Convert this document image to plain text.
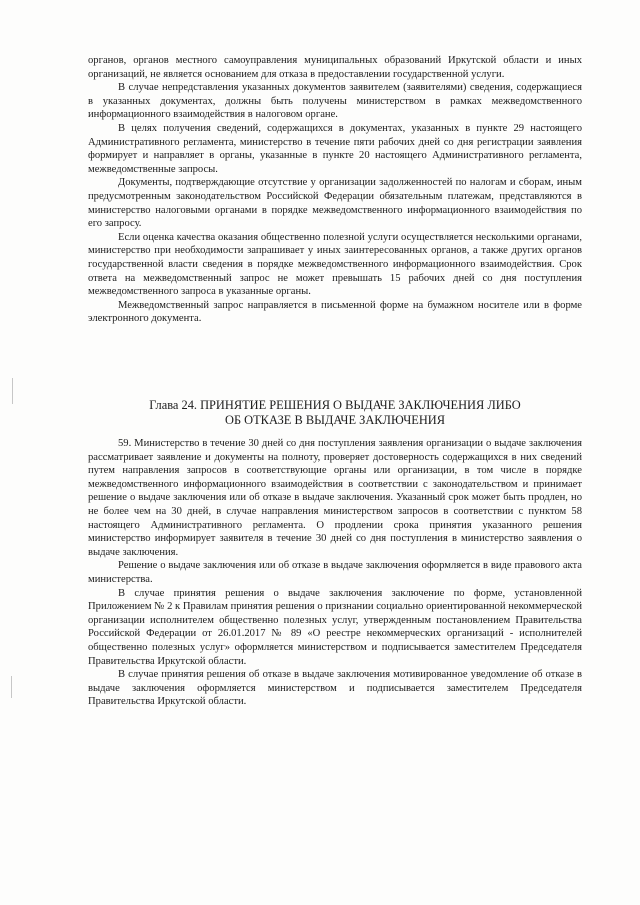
органов, органов местного самоуправления муниципальных образований Иркутской области и иных организаций, не является основанием для отказа в предоставлении государственной услуги.

В случае непредставления указанных документов заявителем (заявителями) сведения, содержащиеся в указанных документах, должны быть получены министерством в рамках межведомственного информационного взаимодействия в налоговом органе.

В целях получения сведений, содержащихся в документах, указанных в пункте 29 настоящего Административного регламента, министерство в течение пяти рабочих дней со дня регистрации заявления формирует и направляет в органы, указанные в пункте 20 настоящего Административного регламента, межведомственные запросы.

Документы, подтверждающие отсутствие у организации задолженностей по налогам и сборам, иным предусмотренным законодательством Российской Федерации обязательным платежам, представляются в министерство налоговыми органами в порядке межведомственного информационного взаимодействия по его запросу.

Если оценка качества оказания общественно полезной услуги осуществляется несколькими органами, министерство при необходимости запрашивает у иных заинтересованных органов, а также других органов государственной власти сведения в порядке межведомственного информационного взаимодействия. Срок ответа на межведомственный запрос не может превышать 15 рабочих дней со дня поступления межведомственного запроса в указанные органы.

Межведомственный запрос направляется в письменной форме на бумажном носителе или в форме электронного документа.

Глава 24. ПРИНЯТИЕ РЕШЕНИЯ О ВЫДАЧЕ ЗАКЛЮЧЕНИЯ ЛИБО
ОБ ОТКАЗЕ В ВЫДАЧЕ ЗАКЛЮЧЕНИЯ

59. Министерство в течение 30 дней со дня поступления заявления организации о выдаче заключения рассматривает заявление и документы на полноту, проверяет достоверность содержащихся в них сведений путем направления запросов в соответствующие органы или организации, в том числе в порядке межведомственного информационного взаимодействия в соответствии с законодательством и принимает решение о выдаче заключения или об отказе в выдаче заключения. Указанный срок может быть продлен, но не более чем на 30 дней, в случае направления министерством запросов в соответствии с пунктом 58 настоящего Административного регламента. О продлении срока принятия указанного решения министерство информирует заявителя в течение 30 дней со дня поступления в министерство заявления о выдаче заключения.

Решение о выдаче заключения или об отказе в выдаче заключения оформляется в виде правового акта министерства.

В случае принятия решения о выдаче заключения заключение по форме, установленной Приложением № 2 к Правилам принятия решения о признании социально ориентированной некоммерческой организации исполнителем общественно полезных услуг, утвержденным постановлением Правительства Российской Федерации от 26.01.2017 № 89 «О реестре некоммерческих организаций - исполнителей общественно полезных услуг» оформляется министерством и подписывается заместителем Председателя Правительства Иркутской области.

В случае принятия решения об отказе в выдаче заключения мотивированное уведомление об отказе в выдаче заключения оформляется министерством и подписывается заместителем Председателя Правительства Иркутской области.
